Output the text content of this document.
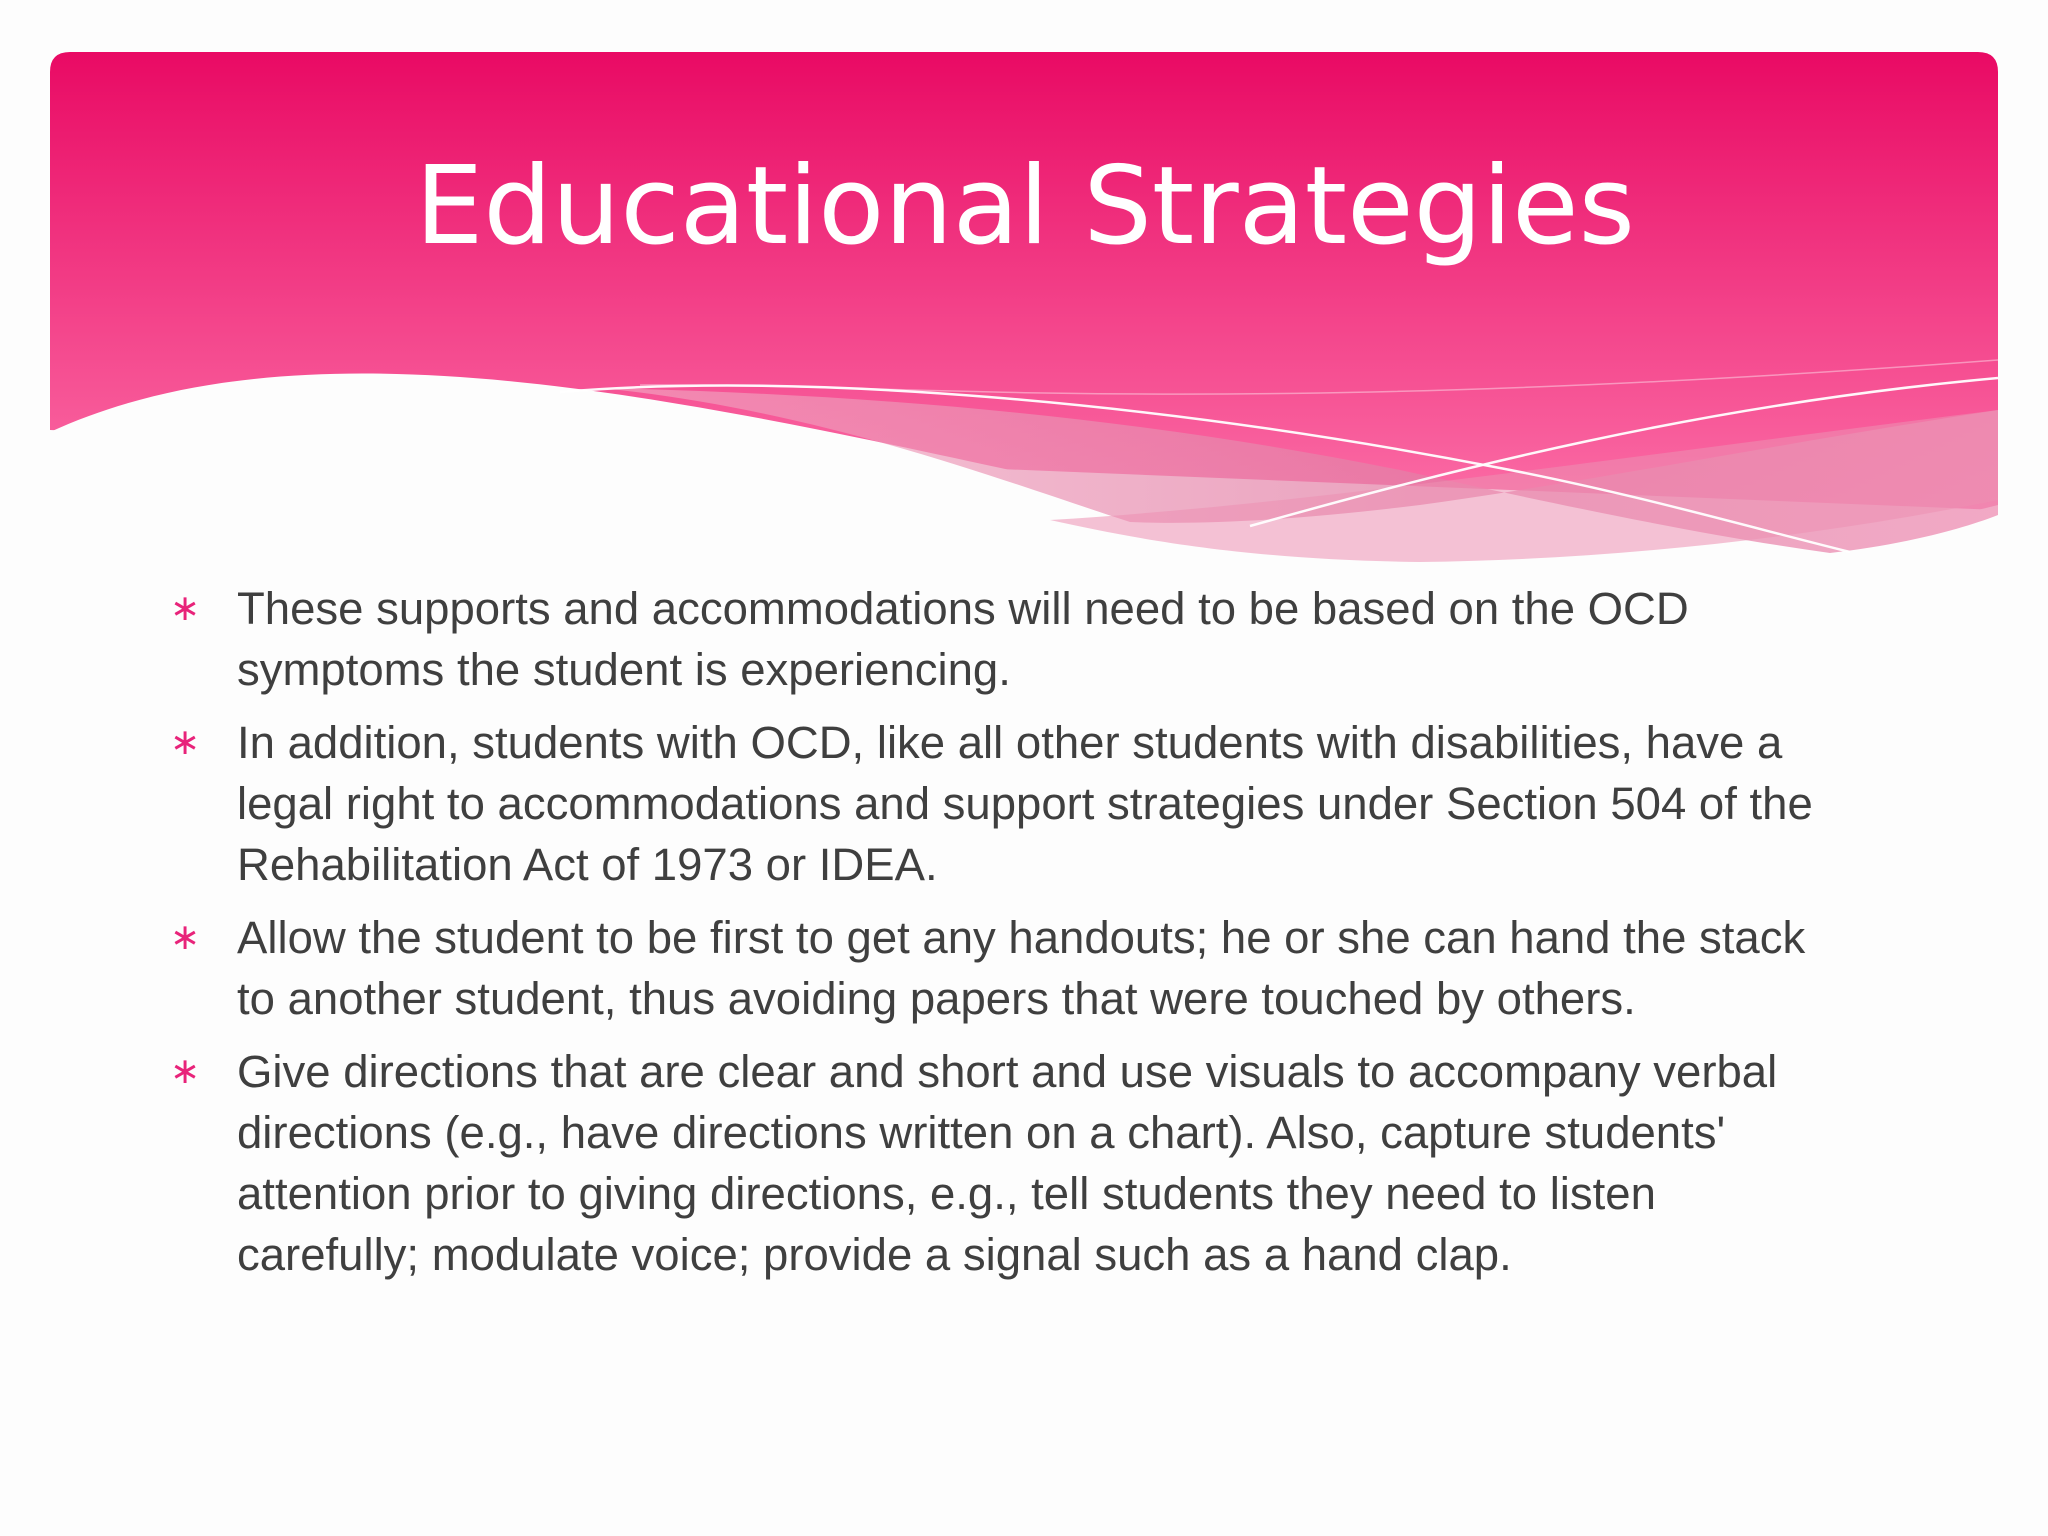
Educational Strategies
∗ These supports and accommodations will need to be based on the OCD symptoms the student is experiencing.
∗ In addition, students with OCD, like all other students with disabilities, have a legal right to accommodations and support strategies under Section 504 of the Rehabilitation Act of 1973 or IDEA.
∗ Allow the student to be first to get any handouts; he or she can hand the stack to another student, thus avoiding papers that were touched by others.
∗ Give directions that are clear and short and use visuals to accompany verbal directions (e.g., have directions written on a chart). Also, capture students' attention prior to giving directions, e.g., tell students they need to listen carefully; modulate voice; provide a signal such as a hand clap.
